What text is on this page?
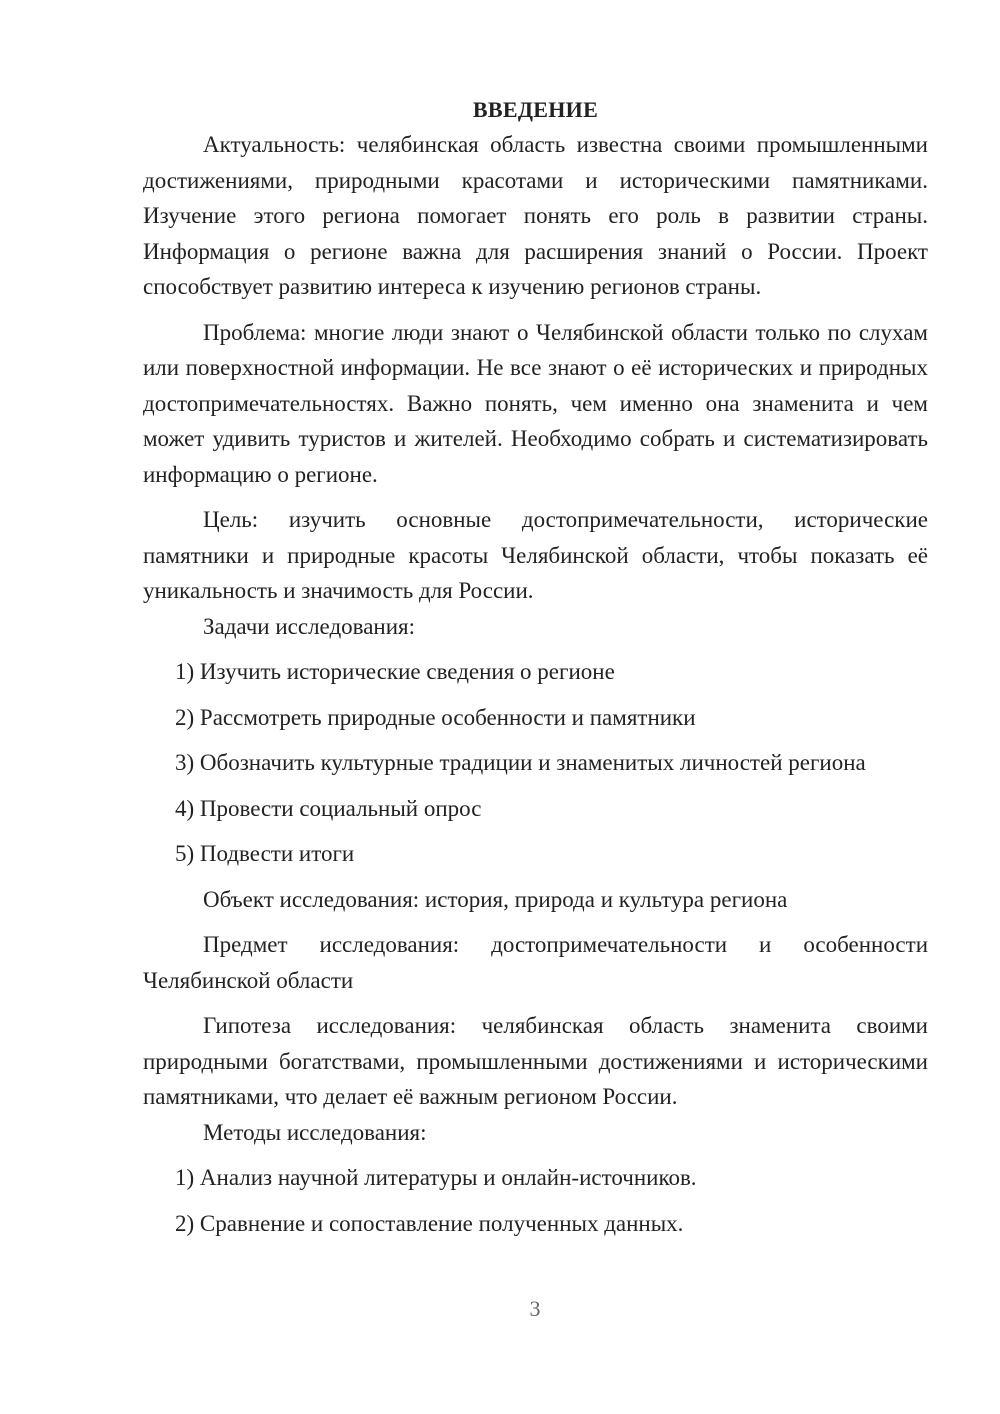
ВВЕДЕНИЕ

Актуальность: челябинская область известна своими промышленными достижениями, природными красотами и историческими памятниками. Изучение этого региона помогает понять его роль в развитии страны. Информация о регионе важна для расширения знаний о России. Проект способствует развитию интереса к изучению регионов страны.

Проблема: многие люди знают о Челябинской области только по слухам или поверхностной информации. Не все знают о её исторических и природных достопримечательностях. Важно понять, чем именно она знаменита и чем может удивить туристов и жителей. Необходимо собрать и систематизировать информацию о регионе.

Цель: изучить основные достопримечательности, исторические памятники и природные красоты Челябинской области, чтобы показать её уникальность и значимость для России.

Задачи исследования:

1) Изучить исторические сведения о регионе
2) Рассмотреть природные особенности и памятники
3) Обозначить культурные традиции и знаменитых личностей региона
4) Провести социальный опрос
5) Подвести итоги

Объект исследования: история, природа и культура региона

Предмет исследования: достопримечательности и особенности Челябинской области

Гипотеза исследования: челябинская область знаменита своими природными богатствами, промышленными достижениями и историческими памятниками, что делает её важным регионом России.

Методы исследования:

1) Анализ научной литературы и онлайн-источников.
2) Сравнение и сопоставление полученных данных.
3
